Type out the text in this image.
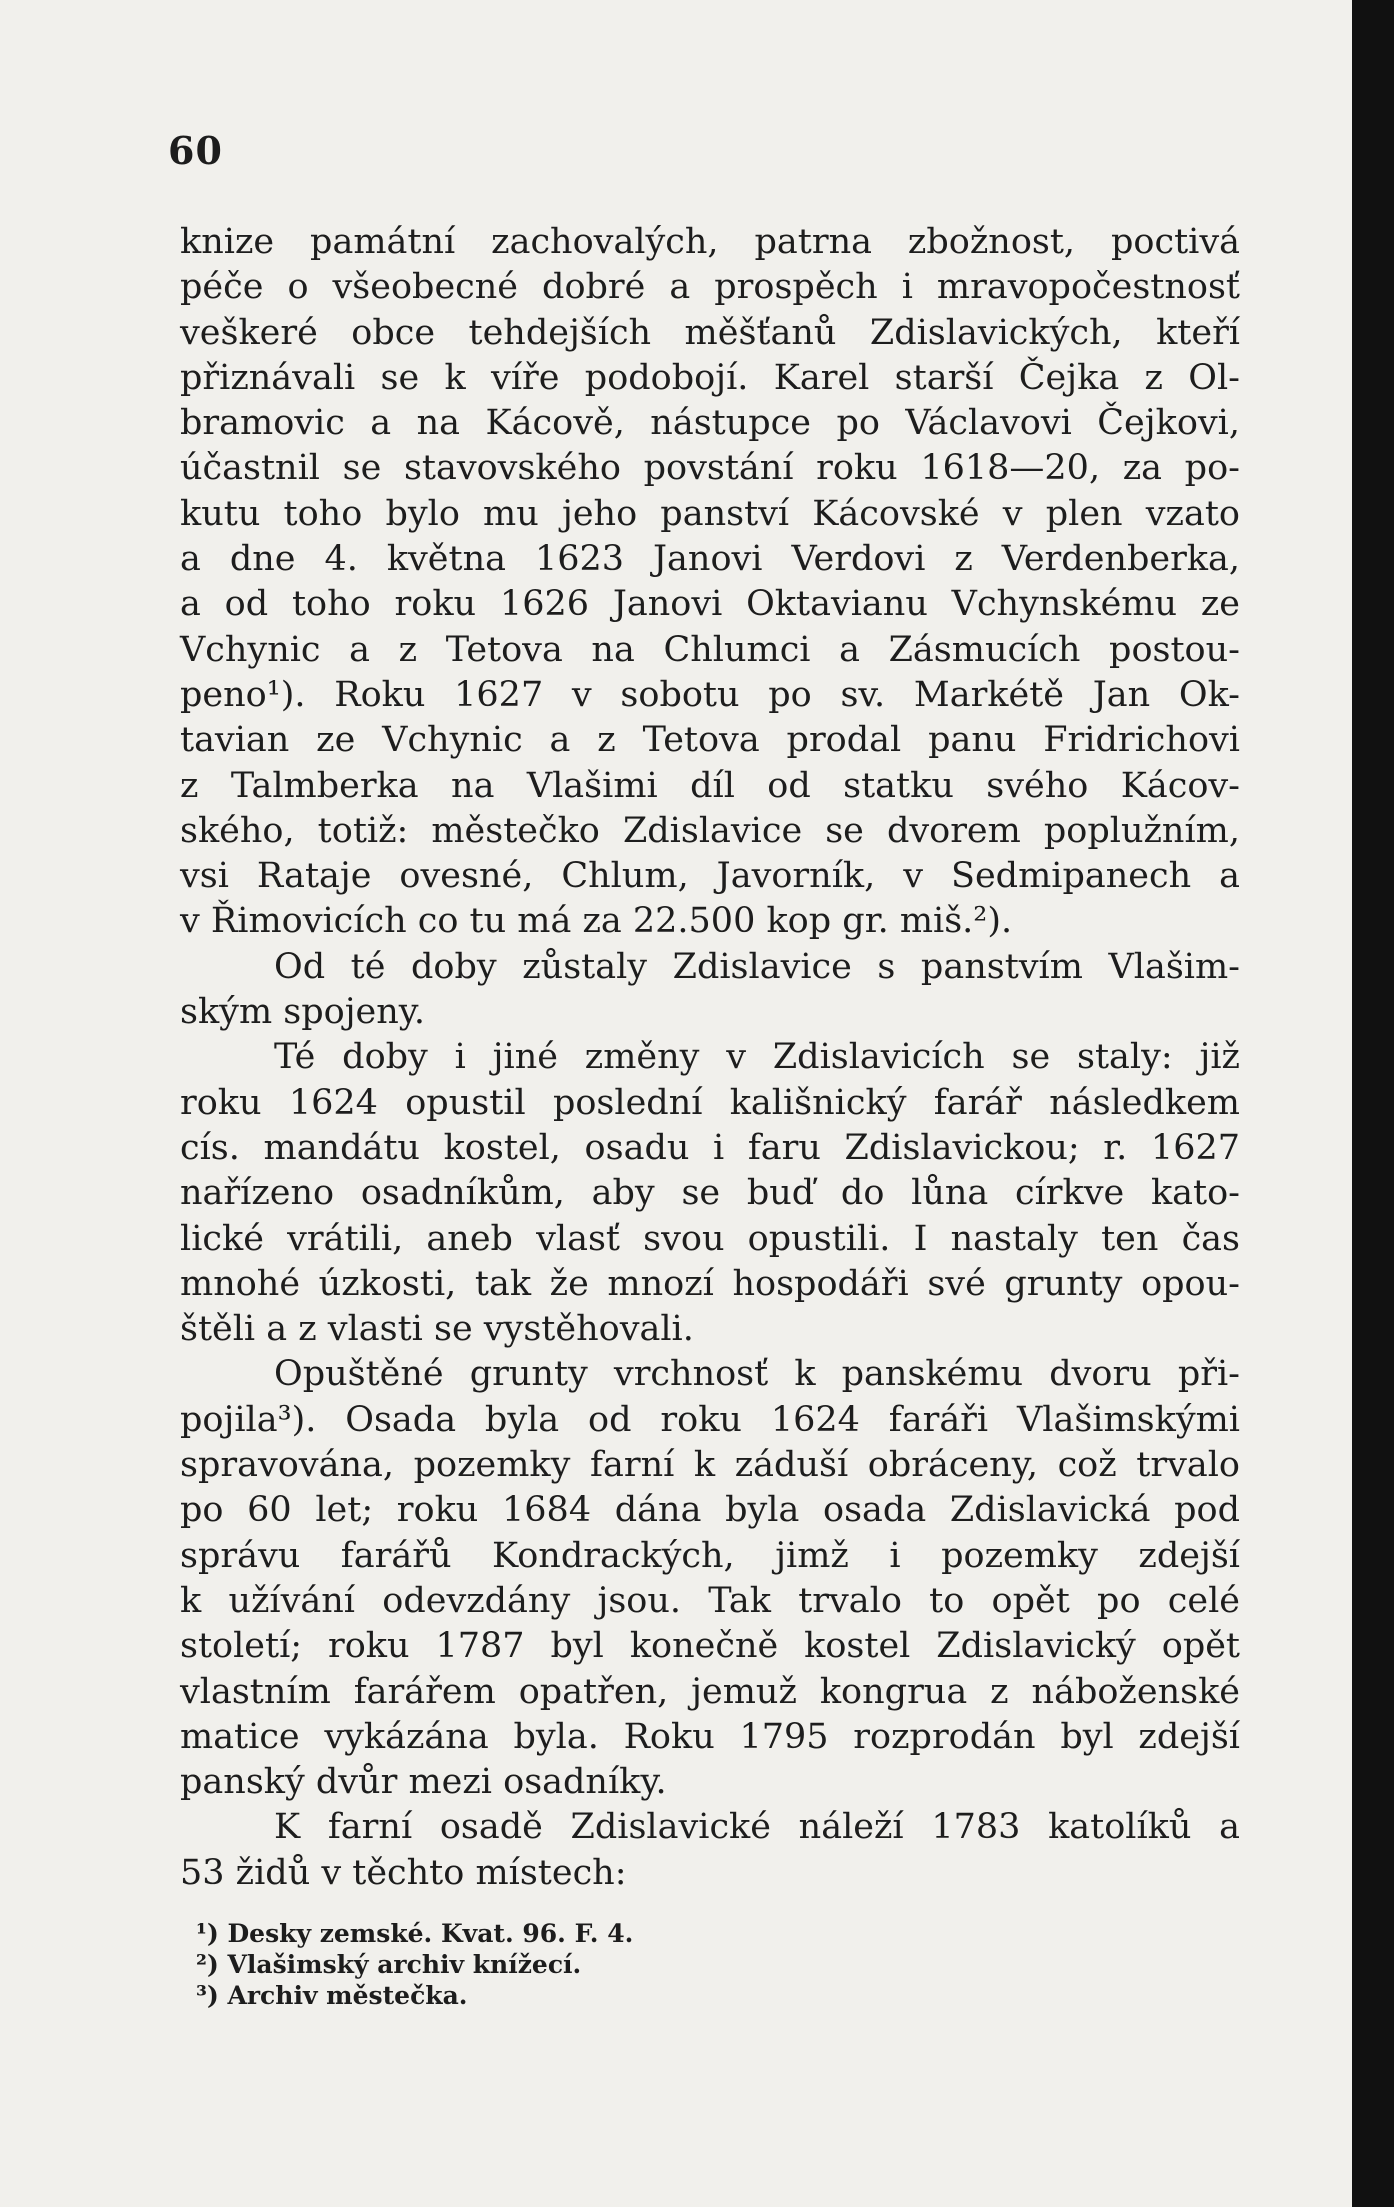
60
knize památní zachovalých, patrna zbožnost, poctivá
péče o všeobecné dobré a prospěch i mravopočestnosť
veškeré obce tehdejších měšťanů Zdislavických, kteří
přiznávali se k víře podobojí. Karel starší Čejka z Ol-
bramovic a na Kácově, nástupce po Václavovi Čejkovi,
účastnil se stavovského povstání roku 1618—20, za po-
kutu toho bylo mu jeho panství Kácovské v plen vzato
a dne 4. května 1623 Janovi Verdovi z Verdenberka,
a od toho roku 1626 Janovi Oktavianu Vchynskému ze
Vchynic a z Tetova na Chlumci a Zásmucích postou-
peno¹). Roku 1627 v sobotu po sv. Markétě Jan Ok-
tavian ze Vchynic a z Tetova prodal panu Fridrichovi
z Talmberka na Vlašimi díl od statku svého Kácov-
ského, totiž: městečko Zdislavice se dvorem poplužním,
vsi Rataje ovesné, Chlum, Javorník, v Sedmipanech a
v Řimovicích co tu má za 22.500 kop gr. miš.²).
Od té doby zůstaly Zdislavice s panstvím Vlašim-
ským spojeny.
Té doby i jiné změny v Zdislavicích se staly: již
roku 1624 opustil poslední kališnický farář následkem
cís. mandátu kostel, osadu i faru Zdislavickou; r. 1627
nařízeno osadníkům, aby se buď do lůna církve kato-
lické vrátili, aneb vlasť svou opustili. I nastaly ten čas
mnohé úzkosti, tak že mnozí hospodáři své grunty opou-
štěli a z vlasti se vystěhovali.
Opuštěné grunty vrchnosť k panskému dvoru při-
pojila³). Osada byla od roku 1624 faráři Vlašimskými
spravována, pozemky farní k záduší obráceny, což trvalo
po 60 let; roku 1684 dána byla osada Zdislavická pod
správu farářů Kondrackých, jimž i pozemky zdejší
k užívání odevzdány jsou. Tak trvalo to opět po celé
století; roku 1787 byl konečně kostel Zdislavický opět
vlastním farářem opatřen, jemuž kongrua z náboženské
matice vykázána byla. Roku 1795 rozprodán byl zdejší
panský dvůr mezi osadníky.
K farní osadě Zdislavické náleží 1783 katolíků a
53 židů v těchto místech:
¹) Desky zemské. Kvat. 96. F. 4.
²) Vlašimský archiv knížecí.
³) Archiv městečka.
